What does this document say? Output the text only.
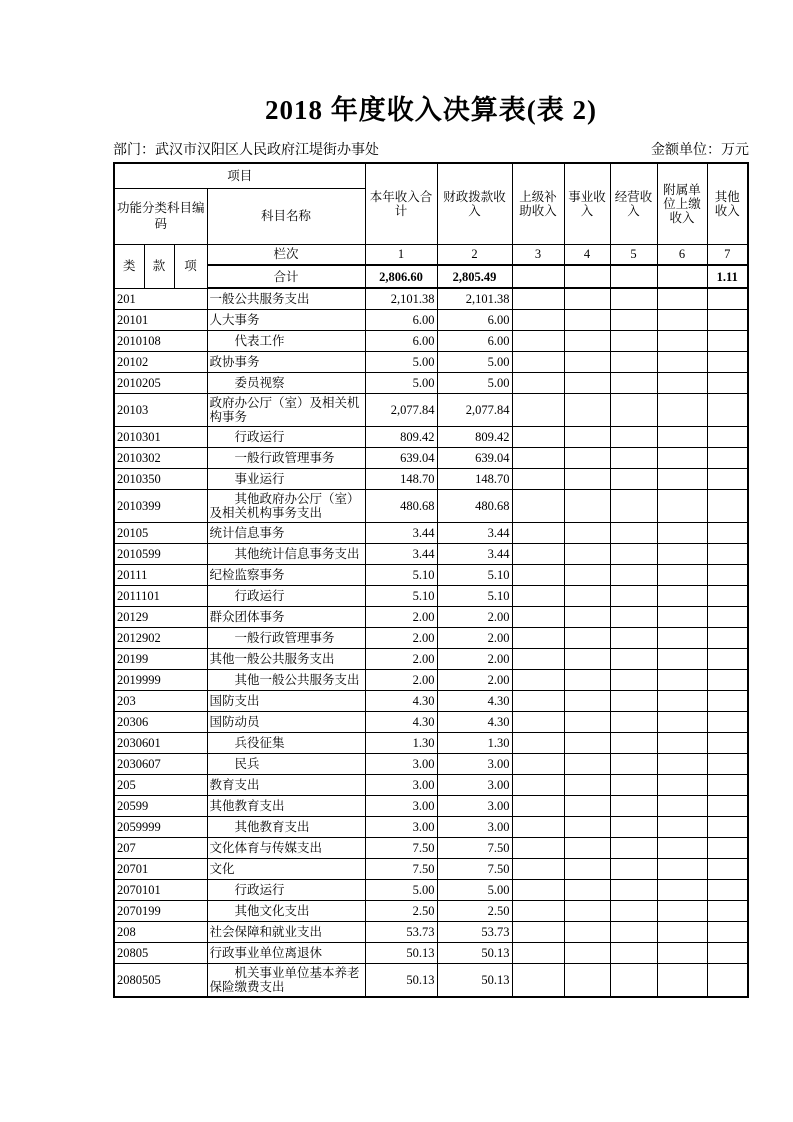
2018 年度收入决算表(表 2)
部门：武汉市汉阳区人民政府江堤街办事处	金额单位：万元
项目				本年收入合计	财政拨款收入	上级补助收入	事业收入	经营收入	附属单位上缴收入	其他收入
功能分类科目编码			科目名称							
类	款	项	栏次	1	2	3	4	5	6	7
			合计	2,806.60	2,805.49					1.11
201			一般公共服务支出	2,101.38	2,101.38					
20101			人大事务	6.00	6.00					
2010108			代表工作	6.00	6.00					
20102			政协事务	5.00	5.00					
2010205			委员视察	5.00	5.00					
20103			政府办公厅（室）及相关机构事务	2,077.84	2,077.84					
2010301			行政运行	809.42	809.42					
2010302			一般行政管理事务	639.04	639.04					
2010350			事业运行	148.70	148.70					
2010399			其他政府办公厅（室）及相关机构事务支出	480.68	480.68					
20105			统计信息事务	3.44	3.44					
2010599			其他统计信息事务支出	3.44	3.44					
20111			纪检监察事务	5.10	5.10					
2011101			行政运行	5.10	5.10					
20129			群众团体事务	2.00	2.00					
2012902			一般行政管理事务	2.00	2.00					
20199			其他一般公共服务支出	2.00	2.00					
2019999			其他一般公共服务支出	2.00	2.00					
203			国防支出	4.30	4.30					
20306			国防动员	4.30	4.30					
2030601			兵役征集	1.30	1.30					
2030607			民兵	3.00	3.00					
205			教育支出	3.00	3.00					
20599			其他教育支出	3.00	3.00					
2059999			其他教育支出	3.00	3.00					
207			文化体育与传媒支出	7.50	7.50					
20701			文化	7.50	7.50					
2070101			行政运行	5.00	5.00					
2070199			其他文化支出	2.50	2.50					
208			社会保障和就业支出	53.73	53.73					
20805			行政事业单位离退休	50.13	50.13					
2080505			机关事业单位基本养老保险缴费支出	50.13	50.13					
